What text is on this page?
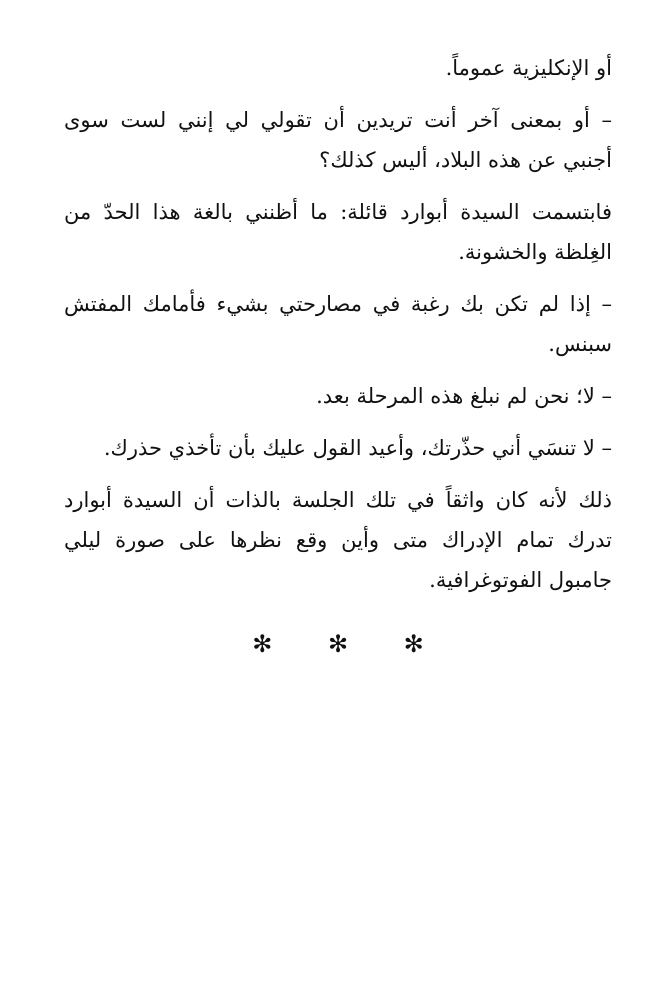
أو الإنكليزية عموماً.

– أو بمعنى آخر أنت تريدين أن تقولي لي إنني لست سوى أجنبي عن هذه البلاد، أليس كذلك؟

فابتسمت السيدة أبوارد قائلة: ما أظنني بالغة هذا الحدّ من الغِلظة والخشونة.

– إذا لم تكن بك رغبة في مصارحتي بشيء فأمامك المفتش سبنس.

– لا؛ نحن لم نبلغ هذه المرحلة بعد.

– لا تنسَي أني حذّرتك، وأعيد القول عليك بأن تأخذي حذرك.

ذلك لأنه كان واثقاً في تلك الجلسة بالذات أن السيدة أبوارد تدرك تمام الإدراك متى وأين وقع نظرها على صورة ليلي جامبول الفوتوغرافية.

✻ ✻ ✻
